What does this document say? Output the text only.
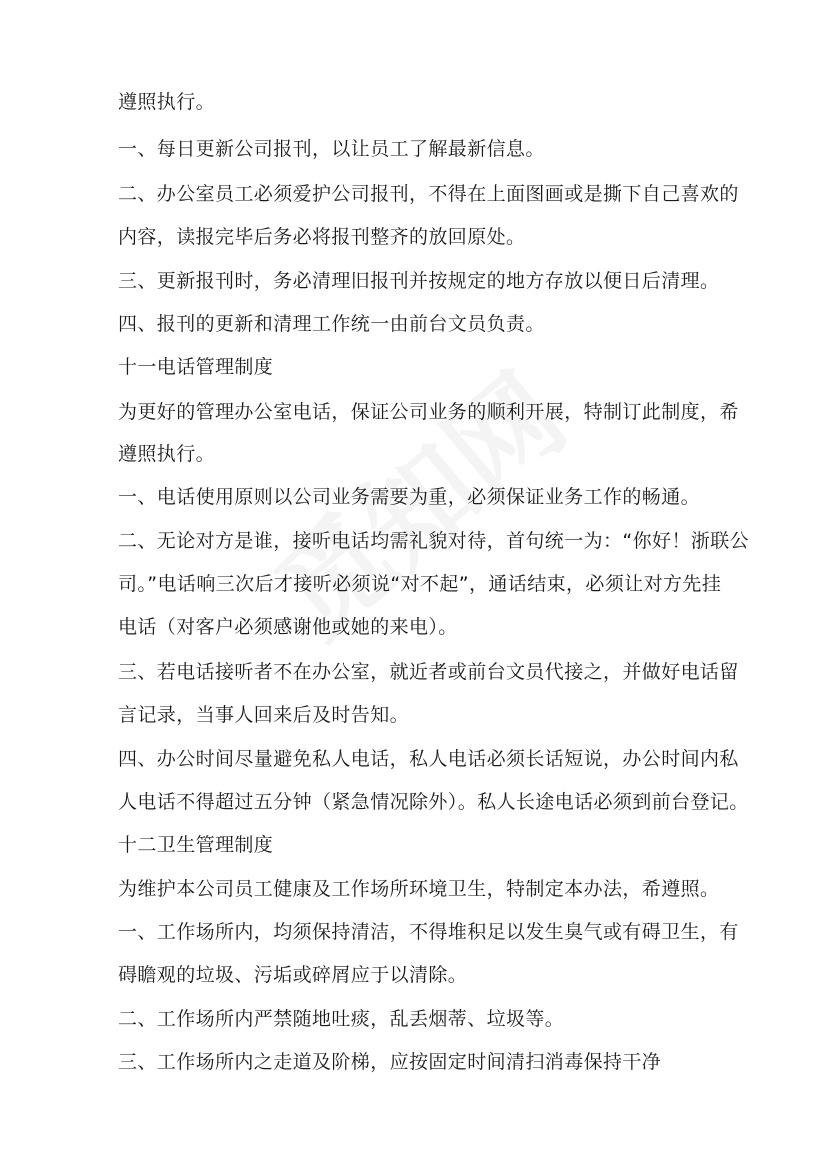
遵照执行。
一、每日更新公司报刊，以让员工了解最新信息。
二、办公室员工必须爱护公司报刊，不得在上面图画或是撕下自己喜欢的
内容，读报完毕后务必将报刊整齐的放回原处。
三、更新报刊时，务必清理旧报刊并按规定的地方存放以便日后清理。
四、报刊的更新和清理工作统一由前台文员负责。
十一电话管理制度
为更好的管理办公室电话，保证公司业务的顺利开展，特制订此制度，希
遵照执行。
一、电话使用原则以公司业务需要为重，必须保证业务工作的畅通。
二、无论对方是谁，接听电话均需礼貌对待，首句统一为：“你好！浙联公
司。”电话响三次后才接听必须说“对不起”，通话结束，必须让对方先挂
电话（对客户必须感谢他或她的来电）。
三、若电话接听者不在办公室，就近者或前台文员代接之，并做好电话留
言记录，当事人回来后及时告知。
四、办公时间尽量避免私人电话，私人电话必须长话短说，办公时间内私
人电话不得超过五分钟（紧急情况除外）。私人长途电话必须到前台登记。
十二卫生管理制度
为维护本公司员工健康及工作场所环境卫生，特制定本办法，希遵照。
一、工作场所内，均须保持清洁，不得堆积足以发生臭气或有碍卫生，有
碍瞻观的垃圾、污垢或碎屑应于以清除。
二、工作场所内严禁随地吐痰，乱丢烟蒂、垃圾等。
三、工作场所内之走道及阶梯，应按固定时间清扫消毒保持干净
